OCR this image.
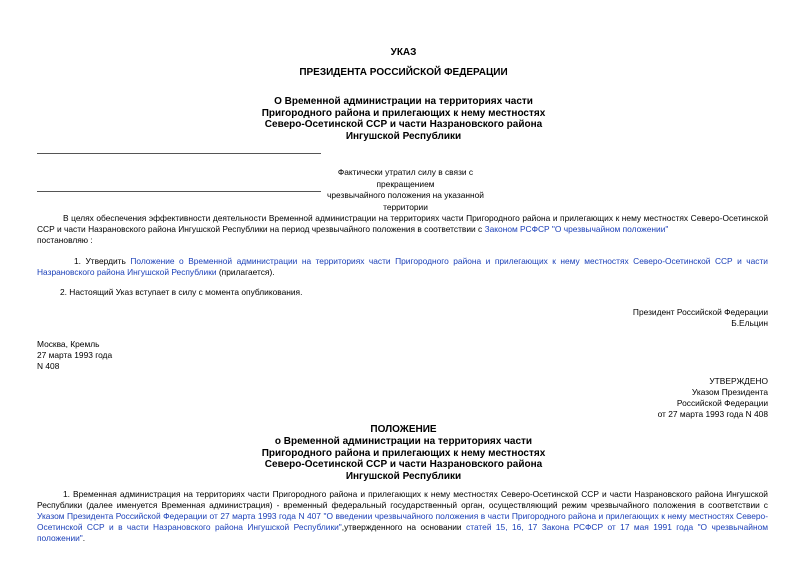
УКАЗ
ПРЕЗИДЕНТА РОССИЙСКОЙ ФЕДЕРАЦИИ
О Временной администрации на территориях части
Пригородного района и прилегающих к нему местностях
Северо-Осетинской ССР и части Назрановского района
Ингушской Республики
Фактически утратил силу в связи с прекращением
чрезвычайного положения на указанной территории
В целях обеспечения эффективности деятельности Временной администрации на территориях части Пригородного района и прилегающих к нему местностях Северо-Осетинской ССР и части Назрановского района Ингушской Республики на период чрезвычайного положения в соответствии с Законом РСФСР "О чрезвычайном положении"
постановляю :
1. Утвердить Положение о Временной администрации на территориях части Пригородного района и прилегающих к нему местностях Северо-Осетинской ССР и части Назрановского района Ингушской Республики (прилагается).
2. Настоящий Указ вступает в силу с момента опубликования.
Президент Российской Федерации
Б.Ельцин
Москва, Кремль
27 марта 1993 года
N 408
УТВЕРЖДЕНО
Указом Президента
Российской Федерации
от 27 марта 1993 года N 408
ПОЛОЖЕНИЕ
о Временной администрации на территориях части
Пригородного района и прилегающих к нему местностях
Северо-Осетинской ССР и части Назрановского района
Ингушской Республики
1. Временная администрация на территориях части Пригородного района и прилегающих к нему местностях Северо-Осетинской ССР и части Назрановского района Ингушской Республики (далее именуется Временная администрация) - временный федеральный государственный орган, осуществляющий режим чрезвычайного положения в соответствии с Указом Президента Российской Федерации от 27 марта 1993 года N 407 "О введении чрезвычайного положения в части Пригородного района и прилегающих к нему местностях Северо-Осетинской ССР и в части Назрановского района Ингушской Республики",утвержденного на основании статей 15, 16, 17 Закона РСФСР от 17 мая 1991 года "О чрезвычайном положении".
